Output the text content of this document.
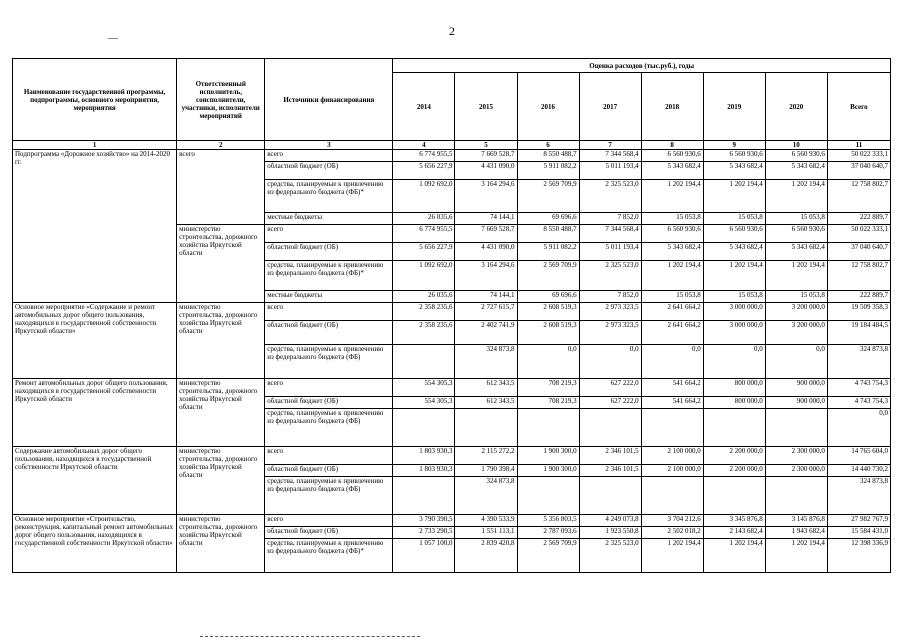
2
Наименование государственной программы, подпрограммы, основного мероприятия, мероприятия	Ответственный исполнитель, соисполнители, участники, исполнители мероприятий	Источники финансирования	Оценка расходов (тыс.руб.), годы							
			2014	2015	2016	2017	2018	2019	2020	Всего
1	2	3	4	5	6	7	8	9	10	11
Подпрограмма «Дорожное хозяйство» на 2014-2020 гг.	всего	всего	6 774 955,5	7 669 528,7	8 550 488,7	7 344 568,4	6 560 930,6	6 560 930,6	6 560 930,6	50 022 333,1
		областной бюджет (ОБ)	5 656 227,9	4 431 090,0	5 911 082,2	5 011 193,4	5 343 682,4	5 343 682,4	5 343 682,4	37 040 640,7
		средства, планируемые к привлечению из федерального бюджета (ФБ)*	1 092 692,0	3 164 294,6	2 569 709,9	2 325 523,0	1 202 194,4	1 202 194,4	1 202 194,4	12 758 802,7
		местные бюджеты	26 035,6	74 144,1	69 696,6	7 852,0	15 053,8	15 053,8	15 053,8	222 889,7
	министерство строительства, дорожного хозяйства Иркутской области	всего	6 774 955,5	7 669 528,7	8 550 488,7	7 344 568,4	6 560 930,6	6 560 930,6	6 560 930,6	50 022 333,1
		областной бюджет (ОБ)	5 656 227,9	4 431 090,0	5 911 082,2	5 011 193,4	5 343 682,4	5 343 682,4	5 343 682,4	37 040 640,7
		средства, планируемые к привлечению из федерального бюджета (ФБ)*	1 092 692,0	3 164 294,6	2 569 709,9	2 325 523,0	1 202 194,4	1 202 194,4	1 202 194,4	12 758 802,7
		местные бюджеты	26 035,6	74 144,1	69 696,6	7 852,0	15 053,8	15 053,8	15 053,8	222 889,7
Основное мероприятие «Содержание и ремонт автомобильных дорог общего пользования, находящихся в государственной собственности Иркутской области»	министерство строительства, дорожного хозяйства Иркутской области	всего	2 358 235,6	2 727 615,7	2 608 519,3	2 973 323,5	2 641 664,2	3 000 000,0	3 200 000,0	19 509 358,3
		областной бюджет (ОБ)	2 358 235,6	2 402 741,9	2 608 519,3	2 973 323,5	2 641 664,2	3 000 000,0	3 200 000,0	19 184 484,5
		средства, планируемые к привлечению из федерального бюджета (ФБ)		324 873,8	0,0	0,0	0,0	0,0	0,0	324 873,8
Ремонт автомобильных дорог общего пользования, находящихся в государственной собственности Иркутской области	министерство строительства, дорожного хозяйства Иркутской области	всего	554 305,3	612 343,5	708 219,3	627 222,0	541 664,2	800 000,0	900 000,0	4 743 754,3
		областной бюджет (ОБ)	554 305,3	612 343,5	708 219,3	627 222,0	541 664,2	800 000,0	900 000,0	4 743 754,3
		средства, планируемые к привлечению из федерального бюджета (ФБ)								0,0
Содержание автомобильных дорог общего пользования, находящихся в государственной собственности Иркутской области	министерство строительства, дорожного хозяйства Иркутской области	всего	1 803 930,3	2 115 272,2	1 900 300,0	2 346 101,5	2 100 000,0	2 200 000,0	2 300 000,0	14 765 604,0
		областной бюджет (ОБ)	1 803 930,3	1 790 398,4	1 900 300,0	2 346 101,5	2 100 000,0	2 200 000,0	2 300 000,0	14 440 730,2
		средства, планируемые к привлечению из федерального бюджета (ФБ)		324 873,8						324 873,8
Основное мероприятие «Строительство, реконструкция, капитальный ремонт автомобильных дорог общего пользования, находящихся в государственной собственности Иркутской области»	министерство строительства, дорожного хозяйства Иркутской области	всего	3 790 390,5	4 390 533,9	5 356 803,5	4 249 073,8	3 704 212,6	3 345 876,8	3 145 876,8	27 982 767,9
		областной бюджет (ОБ)	2 733 290,5	1 551 113,1	2 787 093,6	1 923 550,8	2 502 018,2	2 143 682,4	1 943 682,4	15 584 431,0
		средства, планируемые к привлечению из федерального бюджета (ФБ)*	1 057 100,0	2 839 420,8	2 569 709,9	2 325 523,0	1 202 194,4	1 202 194,4	1 202 194,4	12 398 336,9
